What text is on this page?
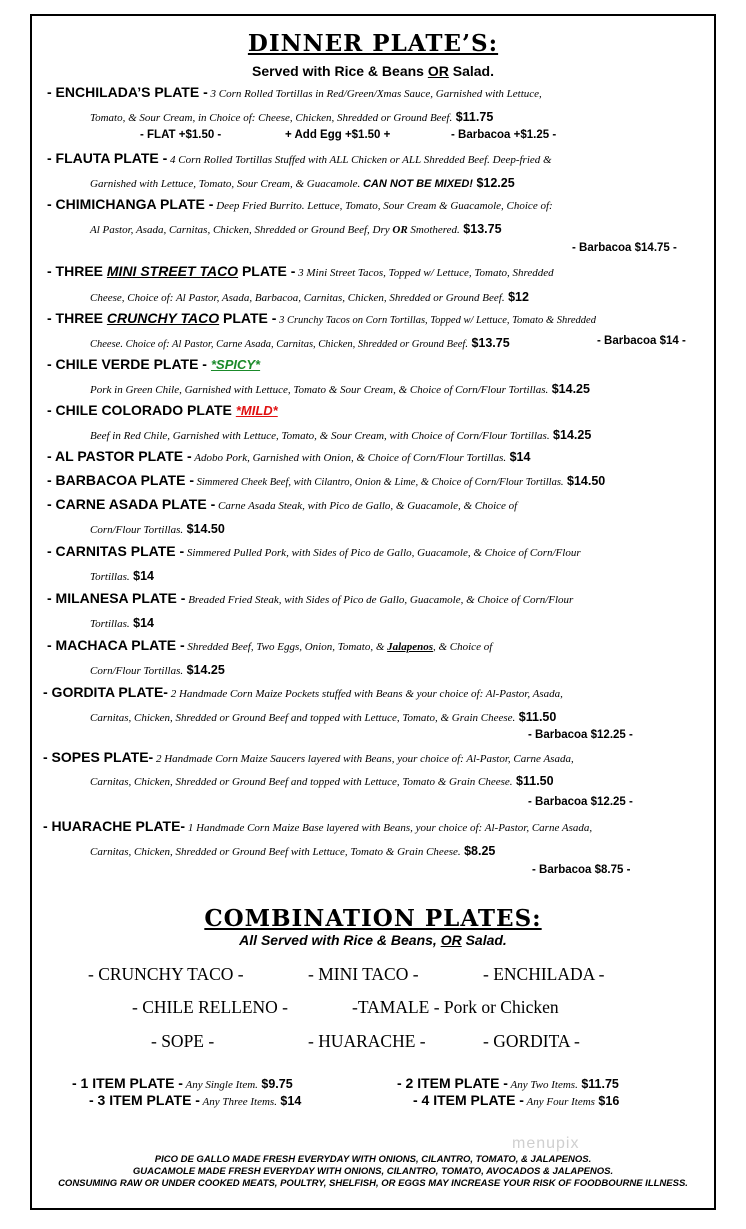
DINNER PLATE’S:
Served with Rice & Beans OR Salad.
- ENCHILADA’S PLATE - 3 Corn Rolled Tortillas in Red/Green/Xmas Sauce, Garnished with Lettuce,
Tomato, & Sour Cream, in Choice of: Cheese, Chicken, Shredded or Ground Beef. $11.75
- FLAT +$1.50 -	+ Add Egg +$1.50 +	- Barbacoa +$1.25 -
- FLAUTA PLATE - 4 Corn Rolled Tortillas Stuffed with ALL Chicken or ALL Shredded Beef. Deep-fried &
Garnished with Lettuce, Tomato, Sour Cream, & Guacamole. CAN NOT BE MIXED! $12.25
- CHIMICHANGA PLATE - Deep Fried Burrito. Lettuce, Tomato, Sour Cream & Guacamole, Choice of:
Al Pastor, Asada, Carnitas, Chicken, Shredded or Ground Beef, Dry OR Smothered. $13.75
- Barbacoa $14.75 -
- THREE MINI STREET TACO PLATE - 3 Mini Street Tacos, Topped w/ Lettuce, Tomato, Shredded
Cheese, Choice of: Al Pastor, Asada, Barbacoa, Carnitas, Chicken, Shredded or Ground Beef. $12
- THREE CRUNCHY TACO PLATE - 3 Crunchy Tacos on Corn Tortillas, Topped w/ Lettuce, Tomato & Shredded
Cheese. Choice of: Al Pastor, Carne Asada, Carnitas, Chicken, Shredded or Ground Beef. $13.75	- Barbacoa $14 -
- CHILE VERDE PLATE - *SPICY*
Pork in Green Chile, Garnished with Lettuce, Tomato & Sour Cream, & Choice of Corn/Flour Tortillas. $14.25
- CHILE COLORADO PLATE *MILD*
Beef in Red Chile, Garnished with Lettuce, Tomato, & Sour Cream, with Choice of Corn/Flour Tortillas. $14.25
- AL PASTOR PLATE - Adobo Pork, Garnished with Onion, & Choice of Corn/Flour Tortillas. $14
- BARBACOA PLATE - Simmered Cheek Beef, with Cilantro, Onion & Lime, & Choice of Corn/Flour Tortillas. $14.50
- CARNE ASADA PLATE - Carne Asada Steak, with Pico de Gallo, & Guacamole, & Choice of
Corn/Flour Tortillas. $14.50
- CARNITAS PLATE - Simmered Pulled Pork, with Sides of Pico de Gallo, Guacamole, & Choice of Corn/Flour
Tortillas. $14
- MILANESA PLATE - Breaded Fried Steak, with Sides of Pico de Gallo, Guacamole, & Choice of Corn/Flour
Tortillas. $14
- MACHACA PLATE - Shredded Beef, Two Eggs, Onion, Tomato, & Jalapenos, & Choice of
Corn/Flour Tortillas. $14.25
- GORDITA PLATE- 2 Handmade Corn Maize Pockets stuffed with Beans & your choice of: Al-Pastor, Asada,
Carnitas, Chicken, Shredded or Ground Beef and topped with Lettuce, Tomato, & Grain Cheese. $11.50
- Barbacoa $12.25 -
- SOPES PLATE- 2 Handmade Corn Maize Saucers layered with Beans, your choice of: Al-Pastor, Carne Asada,
Carnitas, Chicken, Shredded or Ground Beef and topped with Lettuce, Tomato & Grain Cheese. $11.50
- Barbacoa $12.25 -
- HUARACHE PLATE- 1 Handmade Corn Maize Base layered with Beans, your choice of: Al-Pastor, Carne Asada,
Carnitas, Chicken, Shredded or Ground Beef with Lettuce, Tomato & Grain Cheese. $8.25
- Barbacoa $8.75 -
COMBINATION PLATES:
All Served with Rice & Beans, OR Salad.
- CRUNCHY TACO -	- MINI TACO -	- ENCHILADA -
- CHILE RELLENO -	-TAMALE - Pork or Chicken
- SOPE -	- HUARACHE -	- GORDITA -
- 1 ITEM PLATE - Any Single Item. $9.75	- 2 ITEM PLATE - Any Two Items. $11.75
- 3 ITEM PLATE - Any Three Items. $14	- 4 ITEM PLATE - Any Four Items $16
menupix
PICO DE GALLO MADE FRESH EVERYDAY WITH ONIONS, CILANTRO, TOMATO, & JALAPENOS.
GUACAMOLE MADE FRESH EVERYDAY WITH ONIONS, CILANTRO, TOMATO, AVOCADOS & JALAPENOS.
CONSUMING RAW OR UNDER COOKED MEATS, POULTRY, SHELFISH, OR EGGS MAY INCREASE YOUR RISK OF FOODBOURNE ILLNESS.
